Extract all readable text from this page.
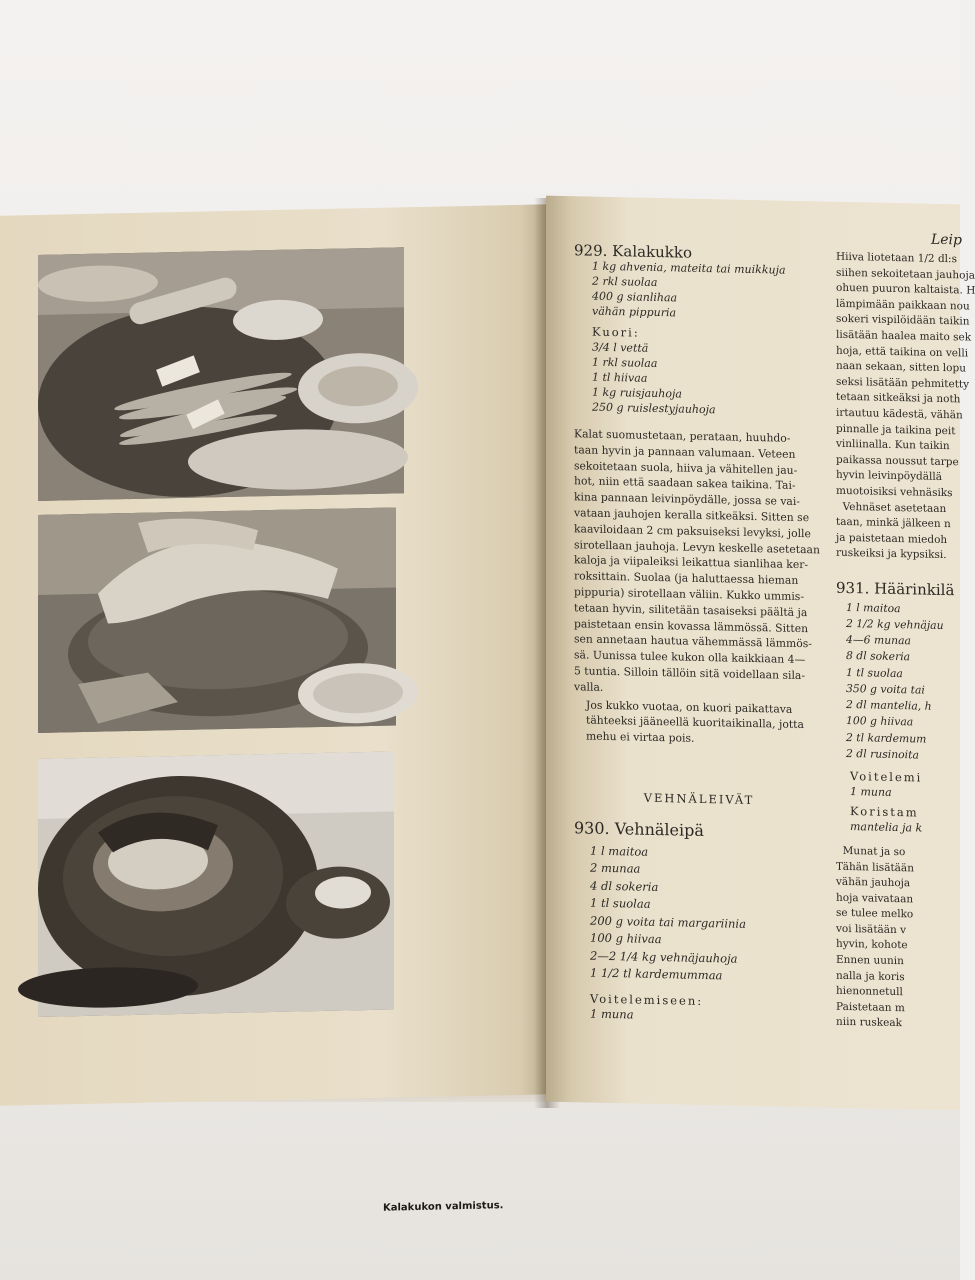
Kalakukon valmistus.
929. Kalakukko
1 kg ahvenia, mateita tai muikkuja
2 rkl suolaa
400 g sianlihaa
vähän pippuria
Kuori:
3/4 l vettä
1 rkl suolaa
1 tl hiivaa
1 kg ruisjauhoja
250 g ruislestyjauhoja
Kalat suomustetaan, perataan, huuhdo-
taan hyvin ja pannaan valumaan. Veteen
sekoitetaan suola, hiiva ja vähitellen jau-
hot, niin että saadaan sakea taikina. Tai-
kina pannaan leivinpöydälle, jossa se vai-
vataan jauhojen keralla sitkeäksi. Sitten se
kaaviloidaan 2 cm paksuiseksi levyksi, jolle
sirotellaan jauhoja. Levyn keskelle asetetaan
kaloja ja viipaleiksi leikattua sianlihaa ker-
roksittain. Suolaa (ja haluttaessa hieman
pippuria) sirotellaan väliin. Kukko ummis-
tetaan hyvin, silitetään tasaiseksi päältä ja
paistetaan ensin kovassa lämmössä. Sitten
sen annetaan hautua vähemmässä lämmös-
sä. Uunissa tulee kukon olla kaikkiaan 4—
5 tuntia. Silloin tällöin sitä voidellaan sila-
valla.
Jos kukko vuotaa, on kuori paikattava
tähteeksi jääneellä kuoritaikinalla, jotta
mehu ei virtaa pois.
VEHNÄLEIVÄT
930. Vehnäleipä
1 l maitoa
2 munaa
4 dl sokeria
1 tl suolaa
200 g voita tai margariinia
100 g hiivaa
2—2 1/4 kg vehnäjauhoja
1 1/2 tl kardemummaa
Voitelemiseen:
1 muna
Leip
Hiiva liotetaan 1/2 dl:s
siihen sekoitetaan jauhoja
ohuen puuron kaltaista. H
lämpimään paikkaan nou
sokeri vispilöidään taikin
lisätään haalea maito sek
hoja, että taikina on velli
naan sekaan, sitten lopu
seksi lisätään pehmitetty
tetaan sitkeäksi ja noth
irtautuu kädestä, vähän
pinnalle ja taikina peit
vinliinalla. Kun taikin
paikassa noussut tarpe
hyvin leivinpöydällä
muotoisiksi vehnäsiks
Vehnäset asetetaan
taan, minkä jälkeen n
ja paistetaan miedoh
ruskeiksi ja kypsiksi.
931. Häärinkilä
1 l maitoa
2 1/2 kg vehnäjau
4—6 munaa
8 dl sokeria
1 tl suolaa
350 g voita tai
2 dl mantelia, h
100 g hiivaa
2 tl kardemum
2 dl rusinoita
Voitelemi
1 muna
Koristam
mantelia ja k
Munat ja so
Tähän lisätään
vähän jauhoja
hoja vaivataan
se tulee melko
voi lisätään v
hyvin, kohote
Ennen uunin
nalla ja koris
hienonnetull
Paistetaan m
niin ruskeak
